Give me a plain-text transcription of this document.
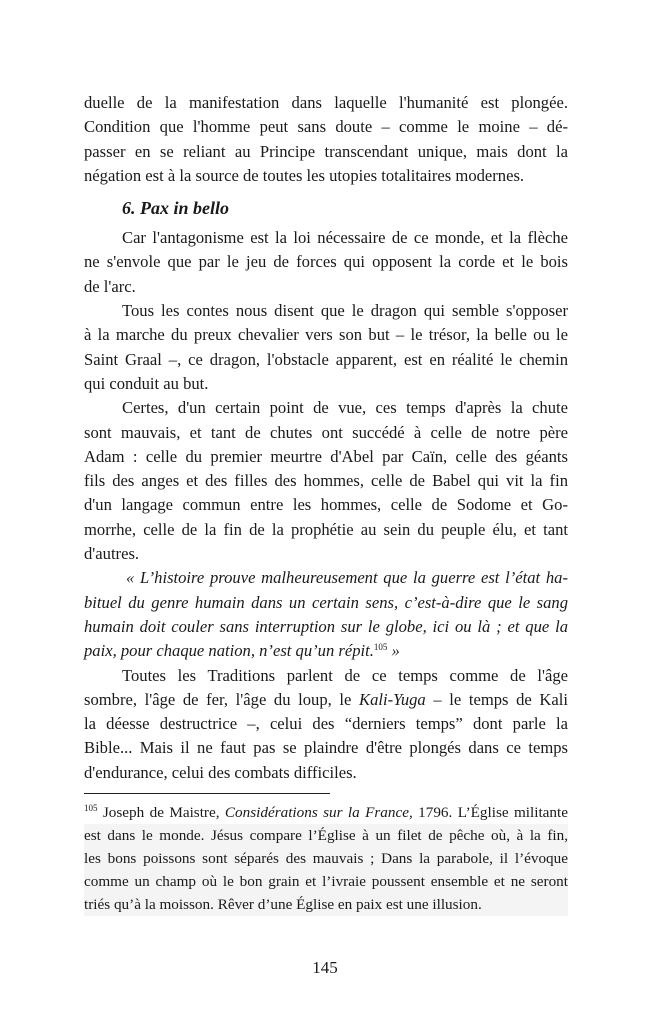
duelle de la manifestation dans laquelle l'humanité est plongée.
Condition que l'homme peut sans doute – comme le moine – dé-
passer en se reliant au Principe transcendant unique, mais dont la
négation est à la source de toutes les utopies totalitaires modernes.
6. Pax in bello
Car l'antagonisme est la loi nécessaire de ce monde, et la flèche
ne s'envole que par le jeu de forces qui opposent la corde et le bois
de l'arc.
Tous les contes nous disent que le dragon qui semble s'opposer
à la marche du preux chevalier vers son but – le trésor, la belle ou le
Saint Graal –, ce dragon, l'obstacle apparent, est en réalité le chemin
qui conduit au but.
Certes, d'un certain point de vue, ces temps d'après la chute
sont mauvais, et tant de chutes ont succédé à celle de notre père
Adam : celle du premier meurtre d'Abel par Caïn, celle des géants
fils des anges et des filles des hommes, celle de Babel qui vit la fin
d'un langage commun entre les hommes, celle de Sodome et Go-
morrhe, celle de la fin de la prophétie au sein du peuple élu, et tant
d'autres.
« L’histoire prouve malheureusement que la guerre est l’état ha-
bituel du genre humain dans un certain sens, c’est-à-dire que le sang
humain doit couler sans interruption sur le globe, ici ou là ; et que la
paix, pour chaque nation, n’est qu’un répit.$^{105}$ »
Toutes les Traditions parlent de ce temps comme de l'âge
sombre, l'âge de fer, l'âge du loup, le Kali-Yuga – le temps de Kali
la déesse destructrice –, celui des “derniers temps” dont parle la
Bible... Mais il ne faut pas se plaindre d'être plongés dans ce temps
d'endurance, celui des combats difficiles.
$^{105}$ Joseph de Maistre, Considérations sur la France, 1796. L’Église militante
est dans le monde. Jésus compare l’Église à un filet de pêche où, à la fin,
les bons poissons sont séparés des mauvais ; Dans la parabole, il l’évoque
comme un champ où le bon grain et l’ivraie poussent ensemble et ne seront
triés qu’à la moisson. Rêver d’une Église en paix est une illusion.
145
